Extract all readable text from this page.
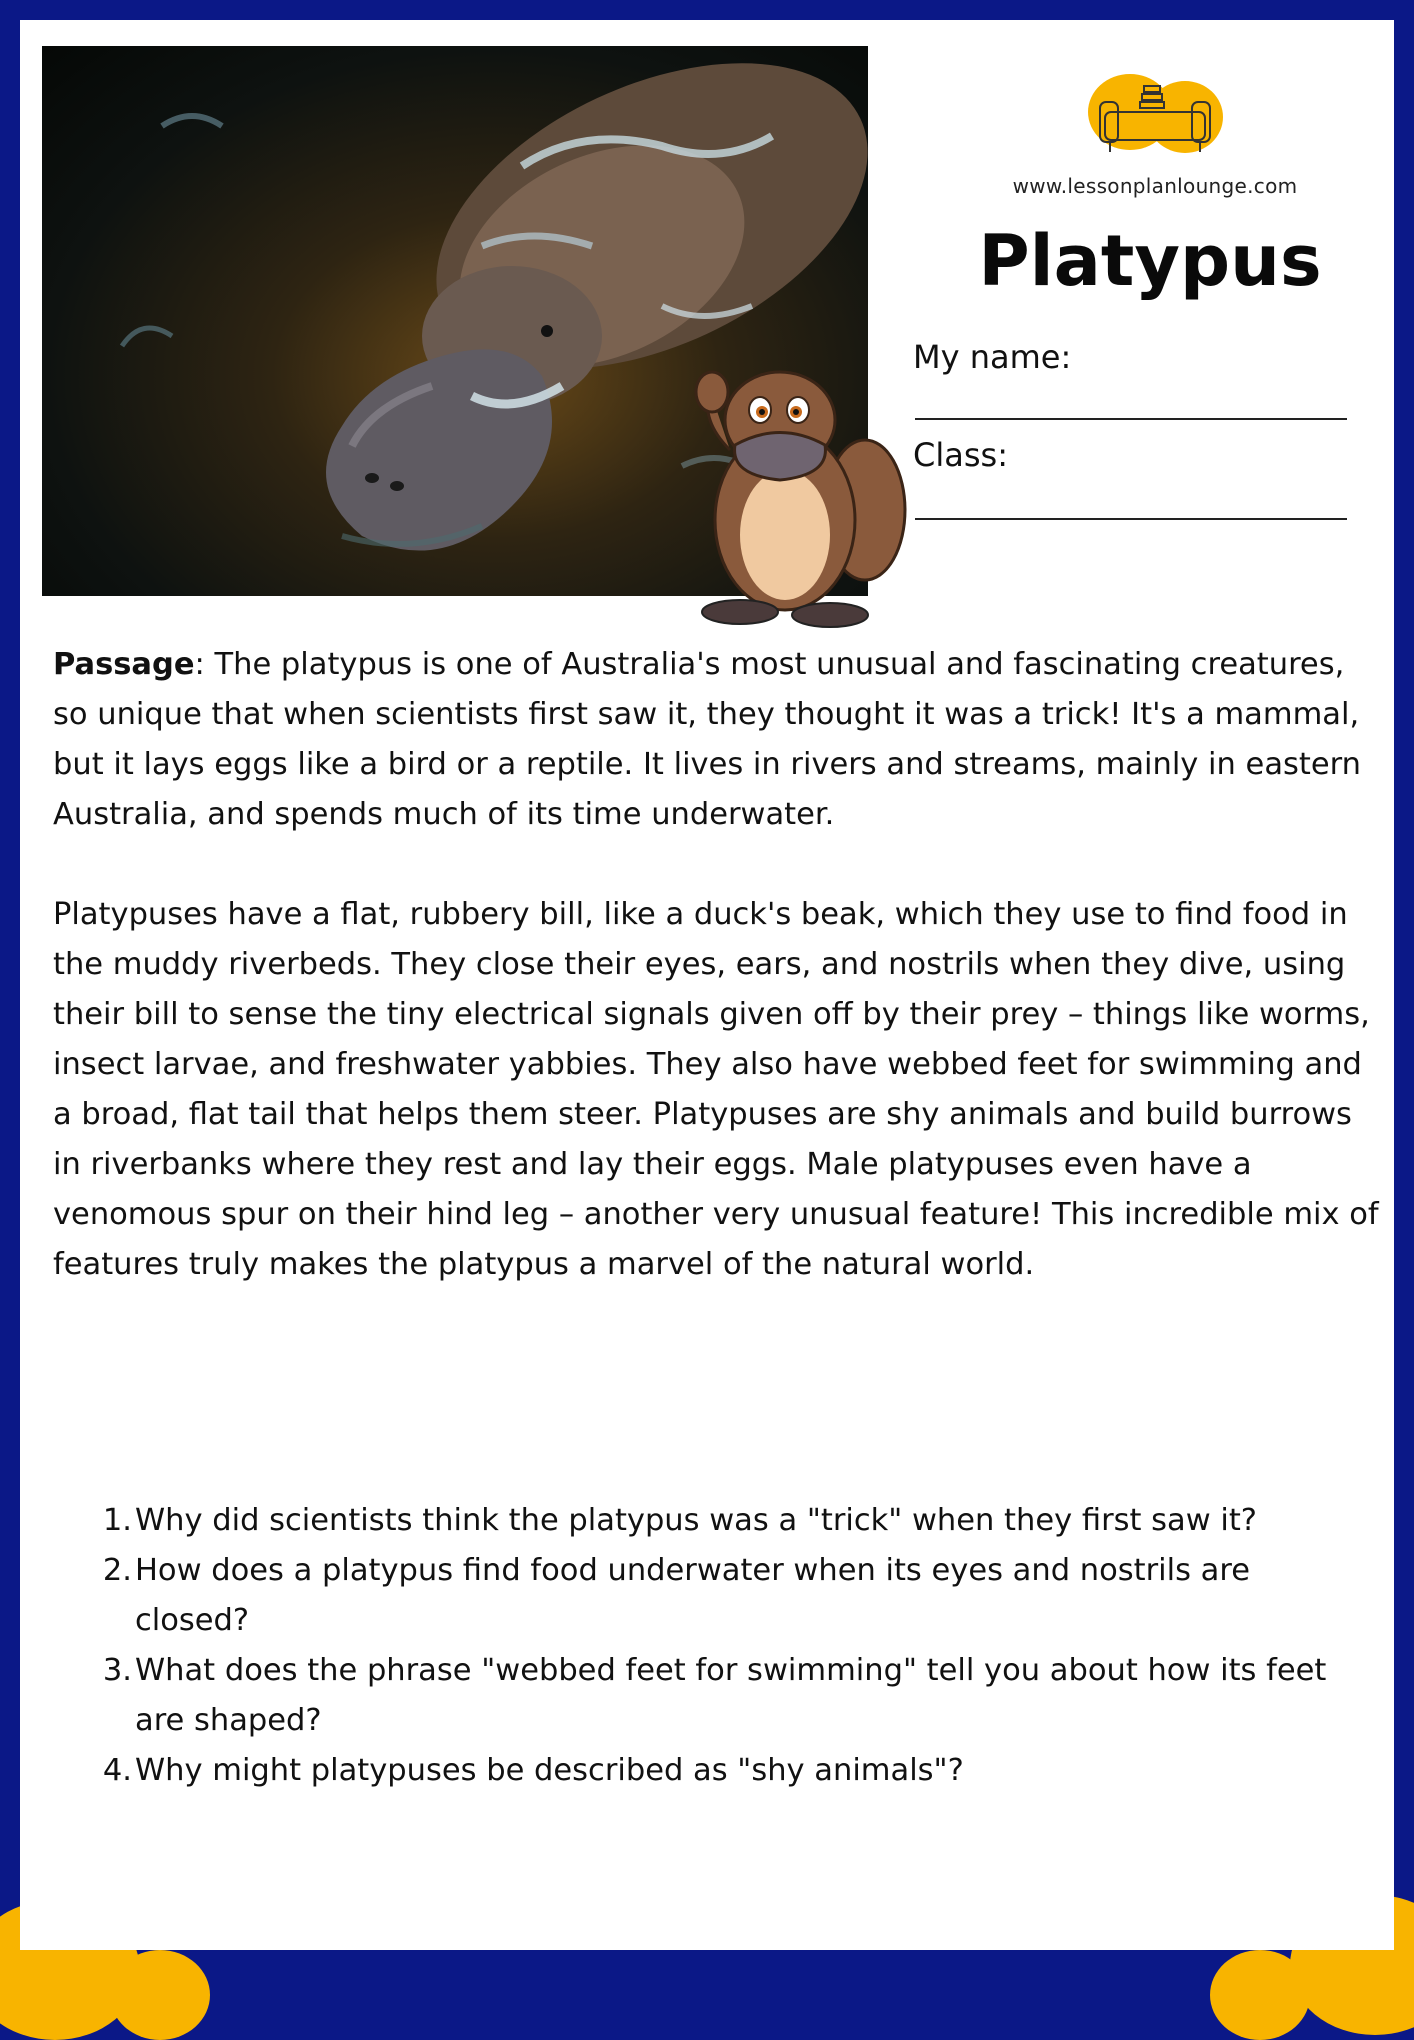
www.lessonplanlounge.com
Platypus
My name:
Class:

Passage: The platypus is one of Australia's most unusual and fascinating creatures, so unique that when scientists first saw it, they thought it was a trick! It's a mammal, but it lays eggs like a bird or a reptile. It lives in rivers and streams, mainly in eastern Australia, and spends much of its time underwater.

Platypuses have a flat, rubbery bill, like a duck's beak, which they use to find food in the muddy riverbeds. They close their eyes, ears, and nostrils when they dive, using their bill to sense the tiny electrical signals given off by their prey – things like worms, insect larvae, and freshwater yabbies. They also have webbed feet for swimming and a broad, flat tail that helps them steer. Platypuses are shy animals and build burrows in riverbanks where they rest and lay their eggs. Male platypuses even have a venomous spur on their hind leg – another very unusual feature! This incredible mix of features truly makes the platypus a marvel of the natural world.

1. Why did scientists think the platypus was a "trick" when they first saw it?
2. How does a platypus find food underwater when its eyes and nostrils are closed?
3. What does the phrase "webbed feet for swimming" tell you about how its feet are shaped?
4. Why might platypuses be described as "shy animals"?
